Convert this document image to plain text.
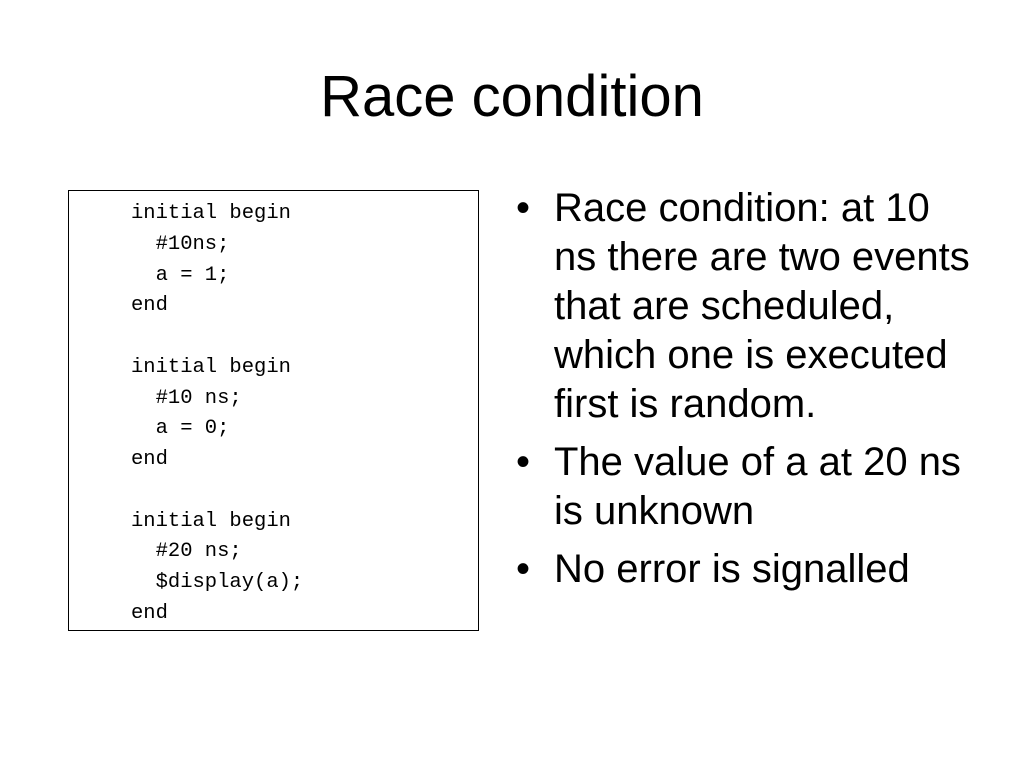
Race condition
initial begin
#10ns;
a = 1;
end
initial begin
#10 ns;
a = 0;
end
initial begin
#20 ns;
$display(a);
end
• Race condition: at 10 ns there are two events that are scheduled, which one is executed first is random.
• The value of a at 20 ns is unknown
• No error is signalled
